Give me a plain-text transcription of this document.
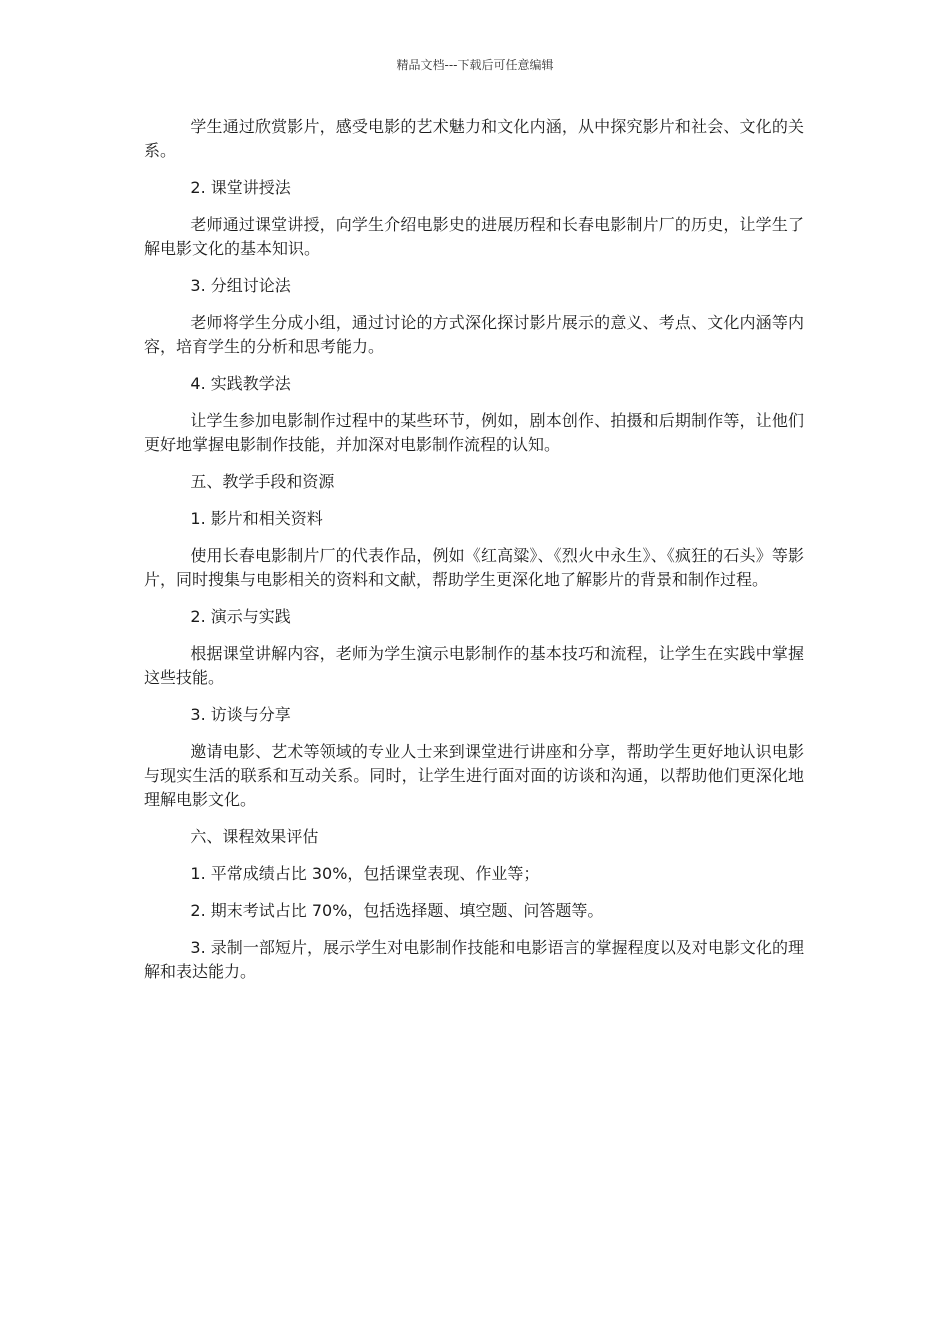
精品文档---下载后可任意编辑

学生通过欣赏影片，感受电影的艺术魅力和文化内涵，从中探究影片和社会、文化的关系。

2. 课堂讲授法

老师通过课堂讲授，向学生介绍电影史的进展历程和长春电影制片厂的历史，让学生了解电影文化的基本知识。

3. 分组讨论法

老师将学生分成小组，通过讨论的方式深化探讨影片展示的意义、考点、文化内涵等内容，培育学生的分析和思考能力。

4. 实践教学法

让学生参加电影制作过程中的某些环节，例如，剧本创作、拍摄和后期制作等，让他们更好地掌握电影制作技能，并加深对电影制作流程的认知。

五、教学手段和资源

1. 影片和相关资料

使用长春电影制片厂的代表作品，例如《红高粱》、《烈火中永生》、《疯狂的石头》等影片，同时搜集与电影相关的资料和文献，帮助学生更深化地了解影片的背景和制作过程。

2. 演示与实践

根据课堂讲解内容，老师为学生演示电影制作的基本技巧和流程，让学生在实践中掌握这些技能。

3. 访谈与分享

邀请电影、艺术等领域的专业人士来到课堂进行讲座和分享，帮助学生更好地认识电影与现实生活的联系和互动关系。同时，让学生进行面对面的访谈和沟通，以帮助他们更深化地理解电影文化。

六、课程效果评估

1. 平常成绩占比 30%，包括课堂表现、作业等；

2. 期末考试占比 70%，包括选择题、填空题、问答题等。

3. 录制一部短片，展示学生对电影制作技能和电影语言的掌握程度以及对电影文化的理解和表达能力。
